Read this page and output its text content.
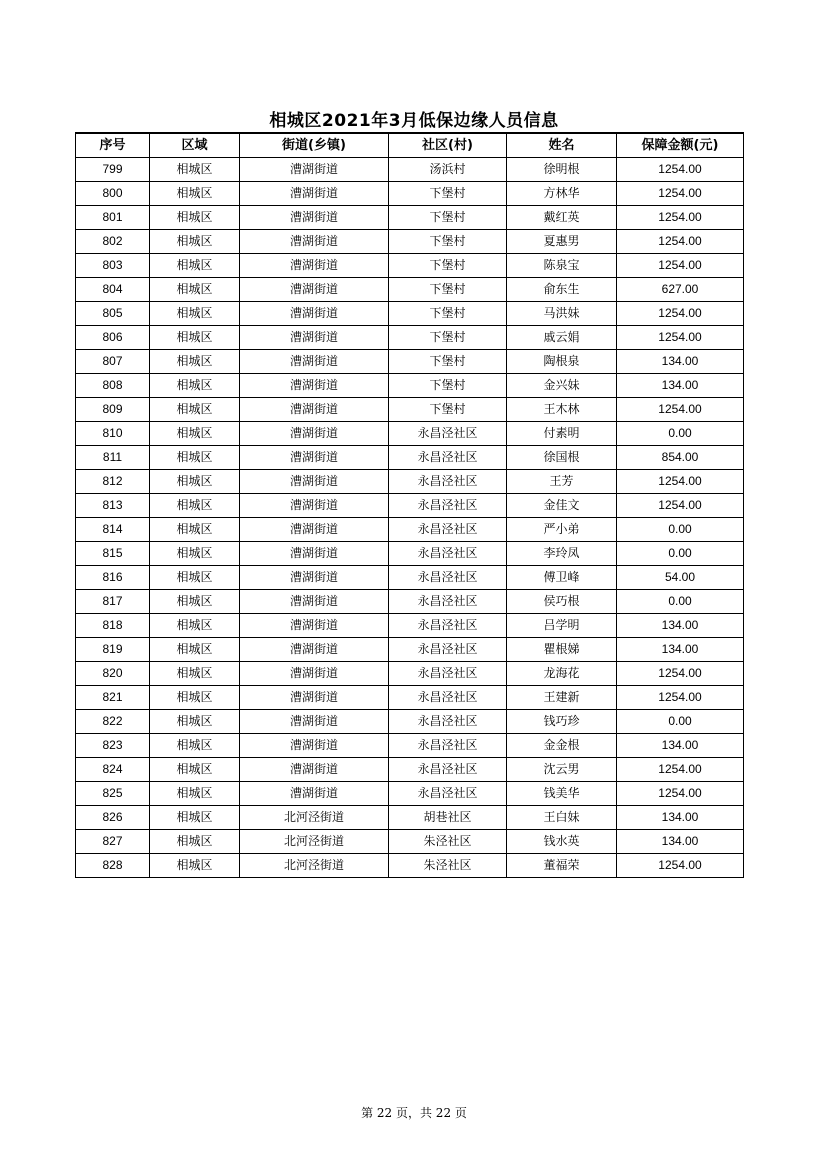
相城区2021年3月低保边缘人员信息
序号	区域	街道(乡镇)	社区(村)	姓名	保障金额(元)
799	相城区	漕湖街道	汤浜村	徐明根	1254.00
800	相城区	漕湖街道	下堡村	方林华	1254.00
801	相城区	漕湖街道	下堡村	戴红英	1254.00
802	相城区	漕湖街道	下堡村	夏惠男	1254.00
803	相城区	漕湖街道	下堡村	陈泉宝	1254.00
804	相城区	漕湖街道	下堡村	俞东生	627.00
805	相城区	漕湖街道	下堡村	马洪妹	1254.00
806	相城区	漕湖街道	下堡村	戚云娟	1254.00
807	相城区	漕湖街道	下堡村	陶根泉	134.00
808	相城区	漕湖街道	下堡村	金兴妹	134.00
809	相城区	漕湖街道	下堡村	王木林	1254.00
810	相城区	漕湖街道	永昌泾社区	付素明	0.00
811	相城区	漕湖街道	永昌泾社区	徐国根	854.00
812	相城区	漕湖街道	永昌泾社区	王芳	1254.00
813	相城区	漕湖街道	永昌泾社区	金佳文	1254.00
814	相城区	漕湖街道	永昌泾社区	严小弟	0.00
815	相城区	漕湖街道	永昌泾社区	李玲凤	0.00
816	相城区	漕湖街道	永昌泾社区	傅卫峰	54.00
817	相城区	漕湖街道	永昌泾社区	侯巧根	0.00
818	相城区	漕湖街道	永昌泾社区	吕学明	134.00
819	相城区	漕湖街道	永昌泾社区	瞿根娣	134.00
820	相城区	漕湖街道	永昌泾社区	龙海花	1254.00
821	相城区	漕湖街道	永昌泾社区	王建新	1254.00
822	相城区	漕湖街道	永昌泾社区	钱巧珍	0.00
823	相城区	漕湖街道	永昌泾社区	金金根	134.00
824	相城区	漕湖街道	永昌泾社区	沈云男	1254.00
825	相城区	漕湖街道	永昌泾社区	钱美华	1254.00
826	相城区	北河泾街道	胡巷社区	王白妹	134.00
827	相城区	北河泾街道	朱泾社区	钱水英	134.00
828	相城区	北河泾街道	朱泾社区	董福荣	1254.00
第 22 页，共 22 页
